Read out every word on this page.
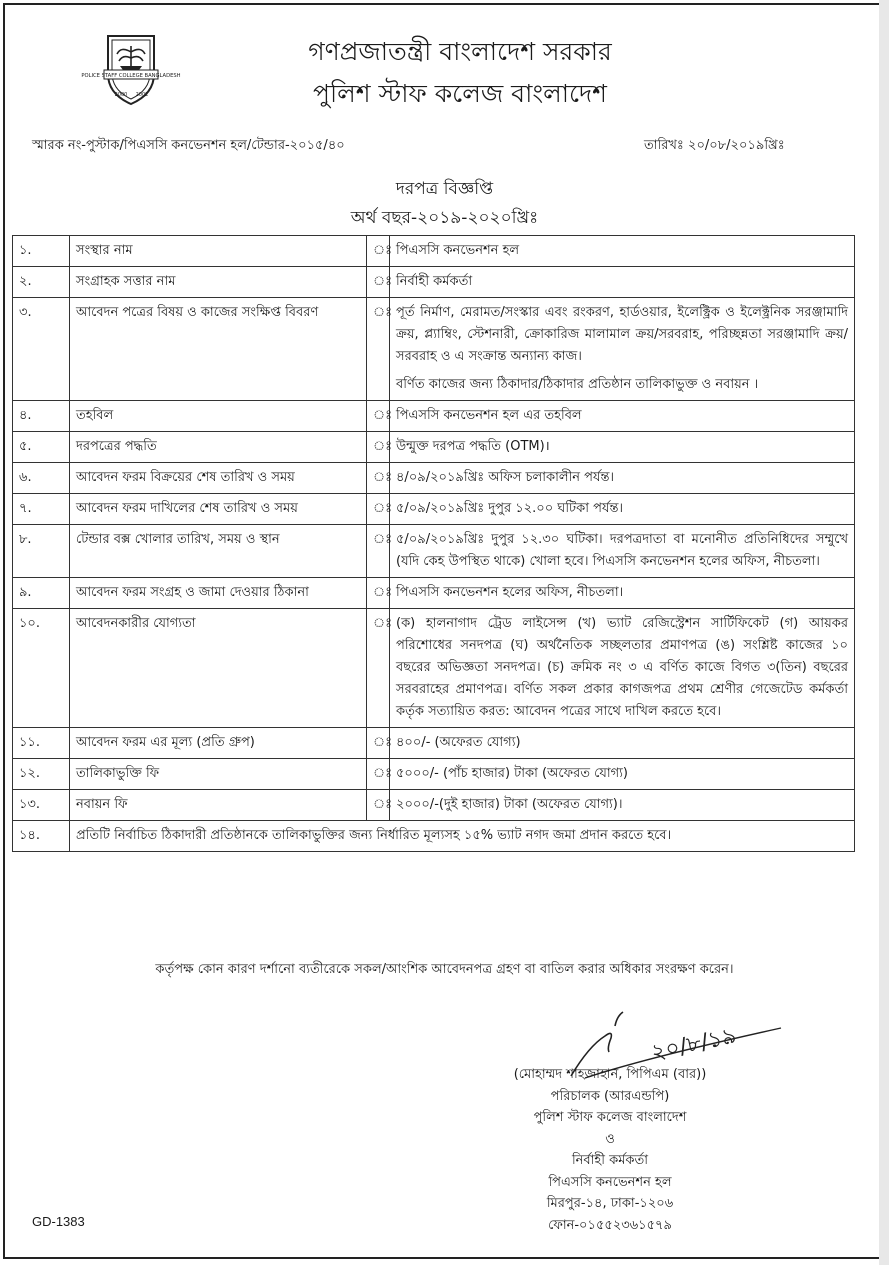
POLICE STAFF COLLEGE BANGLADESH
2000 2002
গণপ্রজাতন্ত্রী বাংলাদেশ সরকার
পুলিশ স্টাফ কলেজ বাংলাদেশ
স্মারক নং-পুস্টাক/পিএসসি কনভেনশন হল/টেন্ডার-২০১৫/৪০	তারিখঃ ২০/০৮/২০১৯খ্রিঃ
দরপত্র বিজ্ঞপ্তি
অর্থ বছর-২০১৯-২০২০খ্রিঃ
১.	সংস্থার নাম	ঃ	পিএসসি কনভেনশন হল

২.	সংগ্রাহক সত্তার নাম	ঃ	নির্বাহী কর্মকর্তা

৩.	আবেদন পত্রের বিষয় ও কাজের সংক্ষিপ্ত বিবরণ	ঃ	পূর্ত নির্মাণ, মেরামত/সংস্কার এবং রংকরণ, হার্ডওয়ার, ইলেক্ট্রিক ও ইলেক্ট্রনিক সরঞ্জামাদি ক্রয়, প্ল্যাম্বিং, স্টেশনারী, ক্রোকারিজ মালামাল ক্রয়/সরবরাহ, পরিচ্ছন্নতা সরঞ্জামাদি ক্রয়/সরবরাহ ও এ সংক্রান্ত অন্যান্য কাজ।

বর্ণিত কাজের জন্য ঠিকাদার/ঠিকাদার প্রতিষ্ঠান তালিকাভুক্ত ও নবায়ন ।

৪.	তহবিল	ঃ	পিএসসি কনভেনশন হল এর তহবিল

৫.	দরপত্রের পদ্ধতি	ঃ	উন্মুক্ত দরপত্র পদ্ধতি (OTM)।

৬.	আবেদন ফরম বিক্রয়ের শেষ তারিখ ও সময়	ঃ	৪/০৯/২০১৯খ্রিঃ অফিস চলাকালীন পর্যন্ত।

৭.	আবেদন ফরম দাখিলের শেষ তারিখ ও সময়	ঃ	৫/০৯/২০১৯খ্রিঃ দুপুর ১২.০০ ঘটিকা পর্যন্ত।

৮.	টেন্ডার বক্স খোলার তারিখ, সময় ও স্থান	ঃ	৫/০৯/২০১৯খ্রিঃ দুপুর ১২.৩০ ঘটিকা। দরপত্রদাতা বা মনোনীত প্রতিনিধিদের সম্মুখে (যদি কেহ উপস্থিত থাকে) খোলা হবে। পিএসসি কনভেনশন হলের অফিস, নীচতলা।

৯.	আবেদন ফরম সংগ্রহ ও জামা দেওয়ার ঠিকানা	ঃ	পিএসসি কনভেনশন হলের অফিস, নীচতলা।

১০.	আবেদনকারীর যোগ্যতা	ঃ	(ক) হালনাগাদ ট্রেড লাইসেন্স (খ) ভ্যাট রেজিস্ট্রেশন সার্টিফিকেট (গ) আয়কর পরিশোধের সনদপত্র (ঘ) অর্থনৈতিক সচ্ছলতার প্রমাণপত্র (ঙ) সংশ্লিষ্ট কাজের ১০ বছরের অভিজ্ঞতা সনদপত্র। (চ) ক্রমিক নং ৩ এ বর্ণিত কাজে বিগত ৩(তিন) বছরের সরবরাহের প্রমাণপত্র। বর্ণিত সকল প্রকার কাগজপত্র প্রথম শ্রেণীর গেজেটেড কর্মকর্তা কর্তৃক সত্যায়িত করত: আবেদন পত্রের সাথে দাখিল করতে হবে।

১১.	আবেদন ফরম এর মূল্য (প্রতি গ্রুপ)	ঃ	৪০০/- (অফেরত যোগ্য)

১২.	তালিকাভুক্তি ফি	ঃ	৫০০০/- (পাঁচ হাজার) টাকা (অফেরত যোগ্য)

১৩.	নবায়ন ফি	ঃ	২০০০/-(দুই হাজার) টাকা (অফেরত যোগ্য)।

১৪.	প্রতিটি নির্বাচিত ঠিকাদারী প্রতিষ্ঠানকে তালিকাভুক্তির জন্য নির্ধারিত মূল্যসহ ১৫% ভ্যাট নগদ জমা প্রদান করতে হবে।		
কর্তৃপক্ষ কোন কারণ দর্শানো ব্যতীরেকে সকল/আংশিক আবেদনপত্র গ্রহণ বা বাতিল করার অধিকার সংরক্ষণ করেন।
২০/৮/১৯
(মোহাম্মদ শাহজাহান, পিপিএম (বার))
পরিচালক (আরএন্ডপি)
পুলিশ স্টাফ কলেজ বাংলাদেশ
ও
নির্বাহী কর্মকর্তা
পিএসসি কনভেনশন হল
মিরপুর-১৪, ঢাকা-১২০৬
ফোন-০১৫৫২৩৬১৫৭৯
GD-1383
